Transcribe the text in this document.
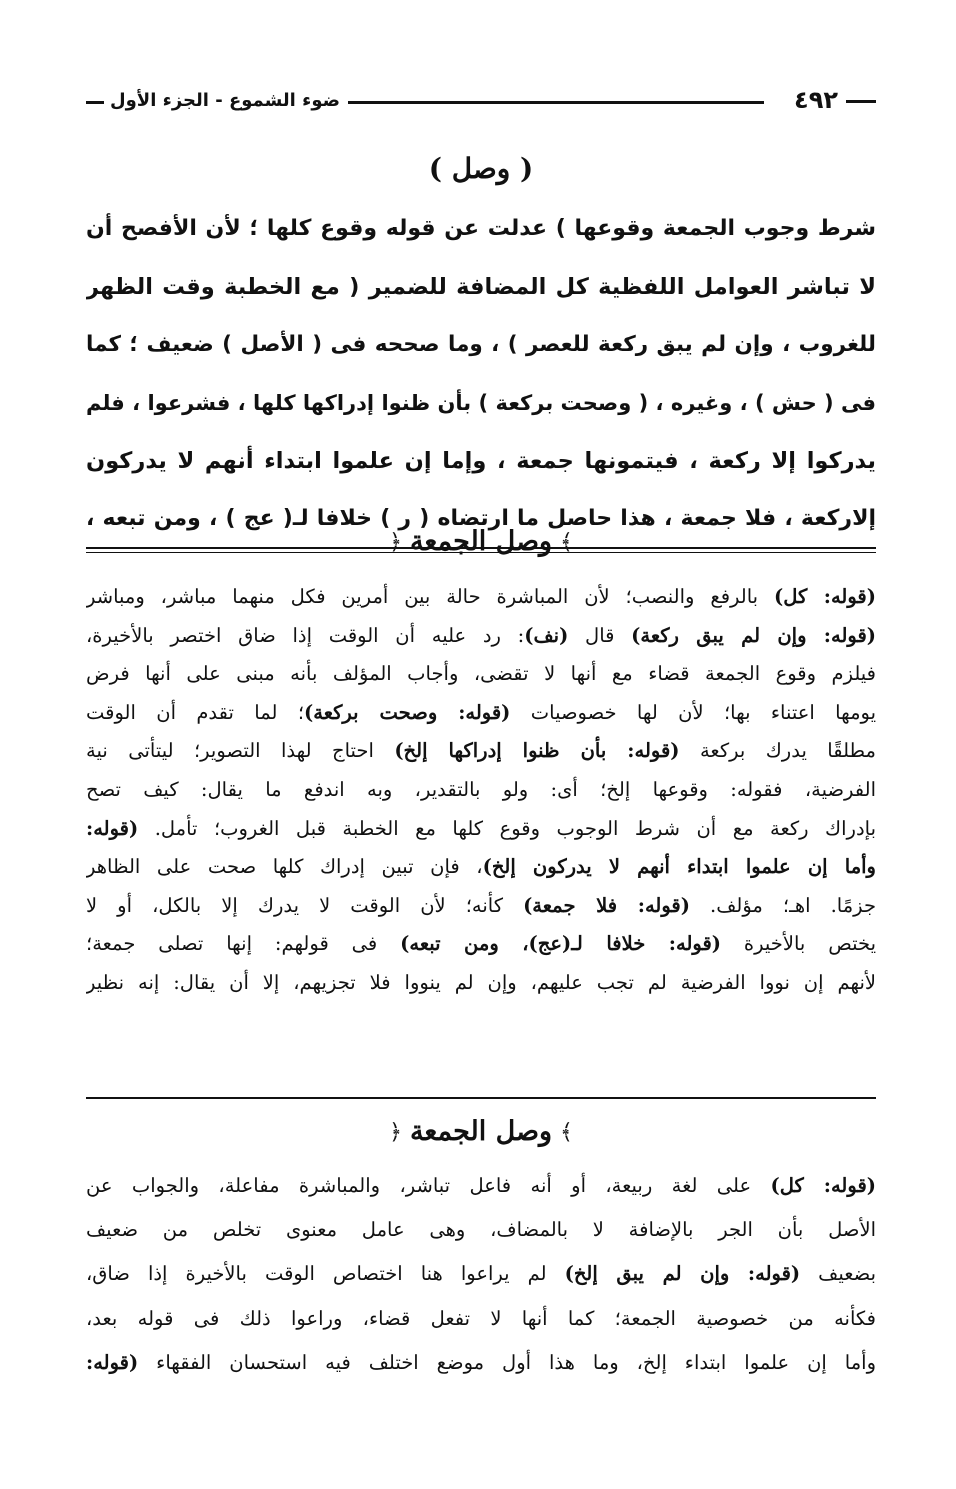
٤٩٢
ضوء الشموع - الجزء الأول
( وصل )
شرط وجوب الجمعة وقوعها ) عدلت عن قوله وقوع كلها ؛ لأن الأفصح أن
لا تباشر العوامل اللفظية كل المضافة للضمير ( مع الخطبة وقت الظهر
للغروب ، وإن لم يبق ركعة للعصر ) ، وما صححه فى ( الأصل ) ضعيف ؛ كما
فى ( حش ) ، وغيره ، ( وصحت بركعة ) بأن ظنوا إدراكها كلها ، فشرعوا ، فلم
يدركوا إلا ركعة ، فيتمونها جمعة ، وإما إن علموا ابتداء أنهم لا يدركون
إلاركعة ، فلا جمعة ، هذا حاصل ما ارتضاه ( ر ) خلافا لـ( عج ) ، ومن تبعه ،
﴾وصل الجمعة﴿
(قوله: كل) بالرفع والنصب؛ لأن المباشرة حالة بين أمرين فكل منهما مباشر، ومباشر
(قوله: وإن لم يبق ركعة) قال (نف): رد عليه أن الوقت إذا ضاق اختصر بالأخيرة،
فيلزم وقوع الجمعة قضاء مع أنها لا تقضى، وأجاب المؤلف بأنه مبنى على أنها فرض
يومها اعتناء بها؛ لأن لها خصوصيات (قوله: وصحت بركعة)؛ لما تقدم أن الوقت
مطلقًا يدرك بركعة (قوله: بأن ظنوا إدراكها إلخ) احتاج لهذا التصوير؛ ليتأتى نية
الفرضية، فقوله: وقوعها إلخ؛ أى: ولو بالتقدير، وبه اندفع ما يقال: كيف تصح
بإدراك ركعة مع أن شرط الوجوب وقوع كلها مع الخطبة قبل الغروب؛ تأمل. (قوله:
وأما إن علموا ابتداء أنهم لا يدركون إلخ)، فإن تبين إدراك كلها صحت على الظاهر
جزمًا. اهـ؛ مؤلف. (قوله: فلا جمعة) كأنه؛ لأن الوقت لا يدرك إلا بالكل، أو لا
يختص بالأخيرة (قوله: خلافا لـ(عج)، ومن تبعه) فى قولهم: إنها تصلى جمعة؛
لأنهم إن نووا الفرضية لم تجب عليهم، وإن لم ينووا فلا تجزيهم، إلا أن يقال: إنه نظير
﴾وصل الجمعة﴿
(قوله: كل) على لغة ربيعة، أو أنه فاعل تباشر، والمباشرة مفاعلة، والجواب عن
الأصل بأن الجر بالإضافة لا بالمضاف، وهى عامل معنوى تخلص من ضعيف
بضعيف (قوله: وإن لم يبق إلخ) لم يراعوا هنا اختصاص الوقت بالأخيرة إذا ضاق،
فكأنه من خصوصية الجمعة؛ كما أنها لا تفعل قضاء، وراعوا ذلك فى قوله بعد،
وأما إن علموا ابتداء إلخ، وما هذا أول موضع اختلف فيه استحسان الفقهاء (قوله:
